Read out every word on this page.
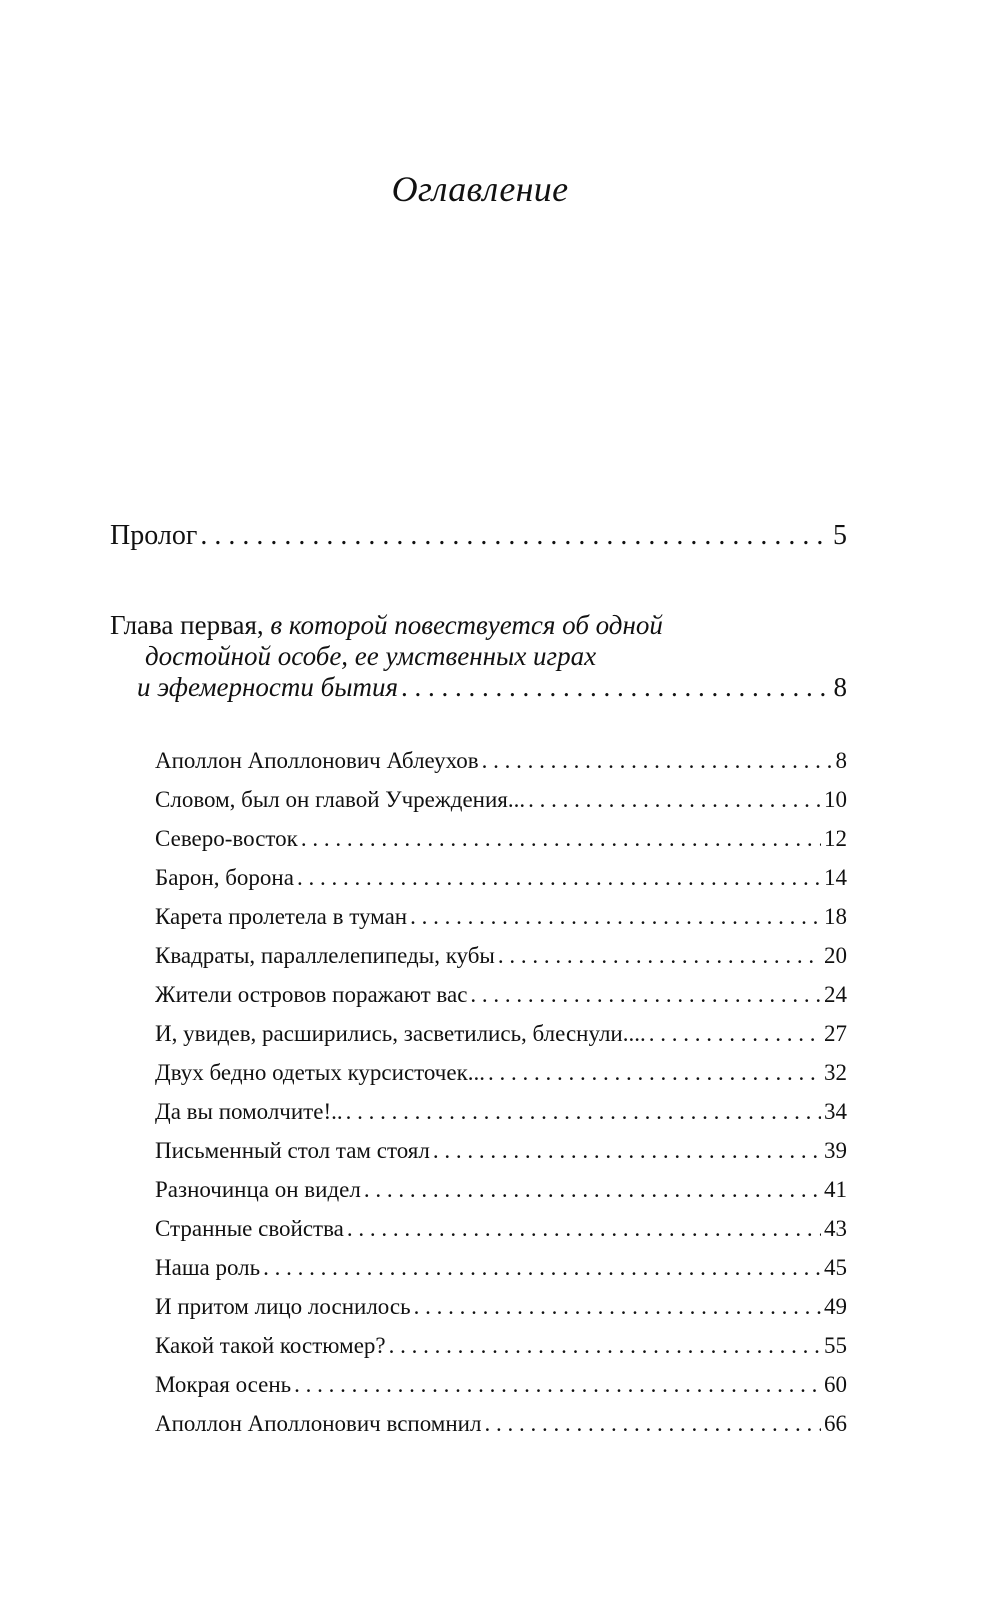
Оглавление
Пролог . . .	5
Глава первая, в которой повествуется об одной
достойной особе, ее умственных играх
и эфемерности бытия . . .	8
Аполлон Аполлонович Аблеухов . . .	8
Словом, был он главой Учреждения... . . .	10
Северо-восток . . .	12
Барон, борона . . .	14
Карета пролетела в туман . . .	18
Квадраты, параллелепипеды, кубы . . .	20
Жители островов поражают вас . . .	24
И, увидев, расширились, засветились, блеснули.... . . .	27
Двух бедно одетых курсисточек... . . .	32
Да вы помолчите!.. . . .	34
Письменный стол там стоял . . .	39
Разночинца он видел . . .	41
Странные свойства . . .	43
Наша роль . . .	45
И притом лицо лоснилось . . .	49
Какой такой костюмер? . . .	55
Мокрая осень . . .	60
Аполлон Аполлонович вспомнил . . .	66
